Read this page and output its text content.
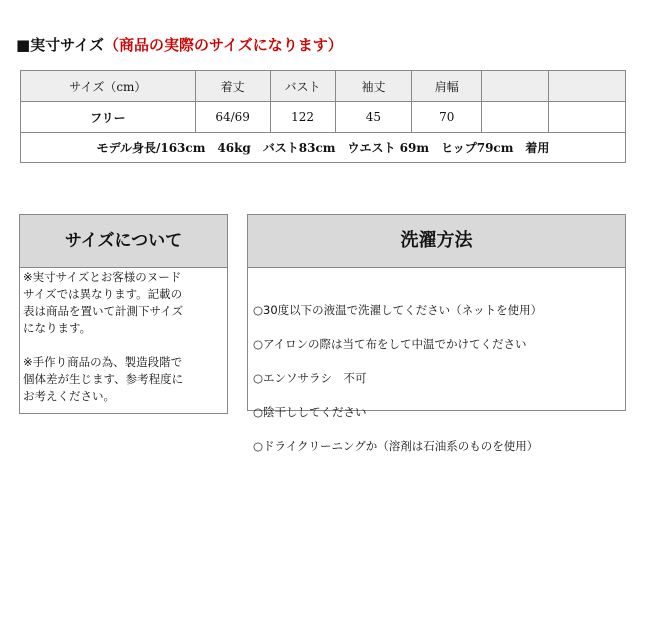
■実寸サイズ（商品の実際のサイズになります）
サイズ（cm）	着丈	バスト	袖丈	肩幅		
フリー	64/69	122	45	70		
モデル身長/163cm　46kg　バスト83cm　ウエスト 69m　ヒップ79cm　着用						
サイズについて
※実寸サイズとお客様のヌード
サイズでは異なります。記載の
表は商品を置いて計測下サイズ
になります。

※手作り商品の為、製造段階で
個体差が生じます、参考程度に
お考えください。
洗濯方法

○30度以下の液温で洗濯してください（ネットを使用）

○アイロンの際は当て布をして中温でかけてください

○エンソサラシ　不可

○陰干ししてください

○ドライクリーニングか（溶剤は石油系のものを使用）
